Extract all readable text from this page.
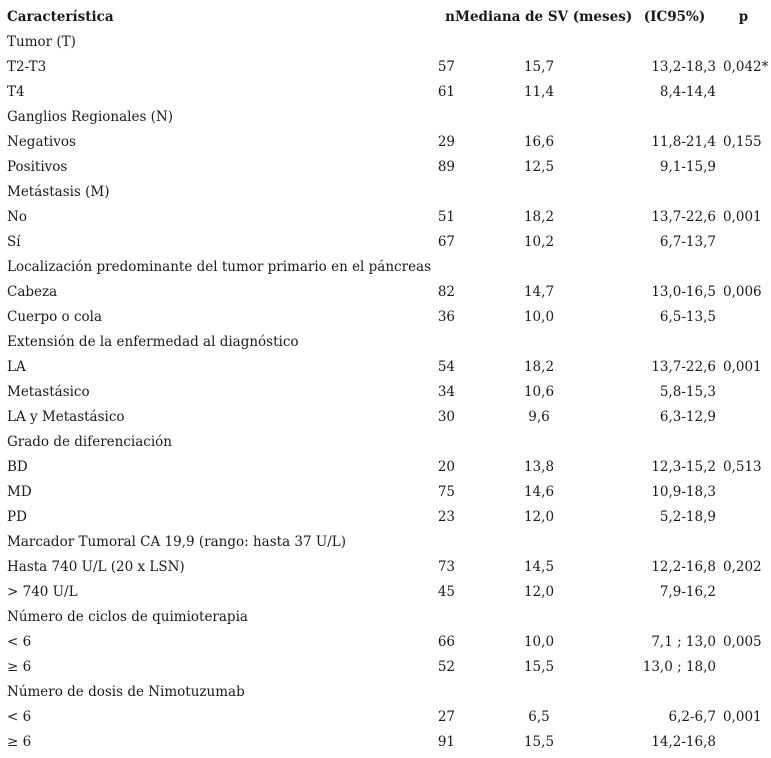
Característica	n	Mediana de SV (meses)	(IC95%)	p
Tumor (T)				
T2-T3	57	15,7	13,2-18,3	0,042*
T4	61	11,4	8,4-14,4	
Ganglios Regionales (N)				
Negativos	29	16,6	11,8-21,4	0,155
Positivos	89	12,5	9,1-15,9	
Metástasis (M)				
No	51	18,2	13,7-22,6	0,001
Sí	67	10,2	6,7-13,7	
Localización predominante del tumor primario en el páncreas				
Cabeza	82	14,7	13,0-16,5	0,006
Cuerpo o cola	36	10,0	6,5-13,5	
Extensión de la enfermedad al diagnóstico				
LA	54	18,2	13,7-22,6	0,001
Metastásico	34	10,6	5,8-15,3	
LA y Metastásico	30	9,6	6,3-12,9	
Grado de diferenciación				
BD	20	13,8	12,3-15,2	0,513
MD	75	14,6	10,9-18,3	
PD	23	12,0	5,2-18,9	
Marcador Tumoral CA 19,9 (rango: hasta 37 U/L)				
Hasta 740 U/L (20 x LSN)	73	14,5	12,2-16,8	0,202
> 740 U/L	45	12,0	7,9-16,2	
Número de ciclos de quimioterapia				
< 6	66	10,0	7,1 ; 13,0	0,005
≥ 6	52	15,5	13,0 ; 18,0	
Número de dosis de Nimotuzumab				
< 6	27	6,5	6,2-6,7	0,001
≥ 6	91	15,5	14,2-16,8	
